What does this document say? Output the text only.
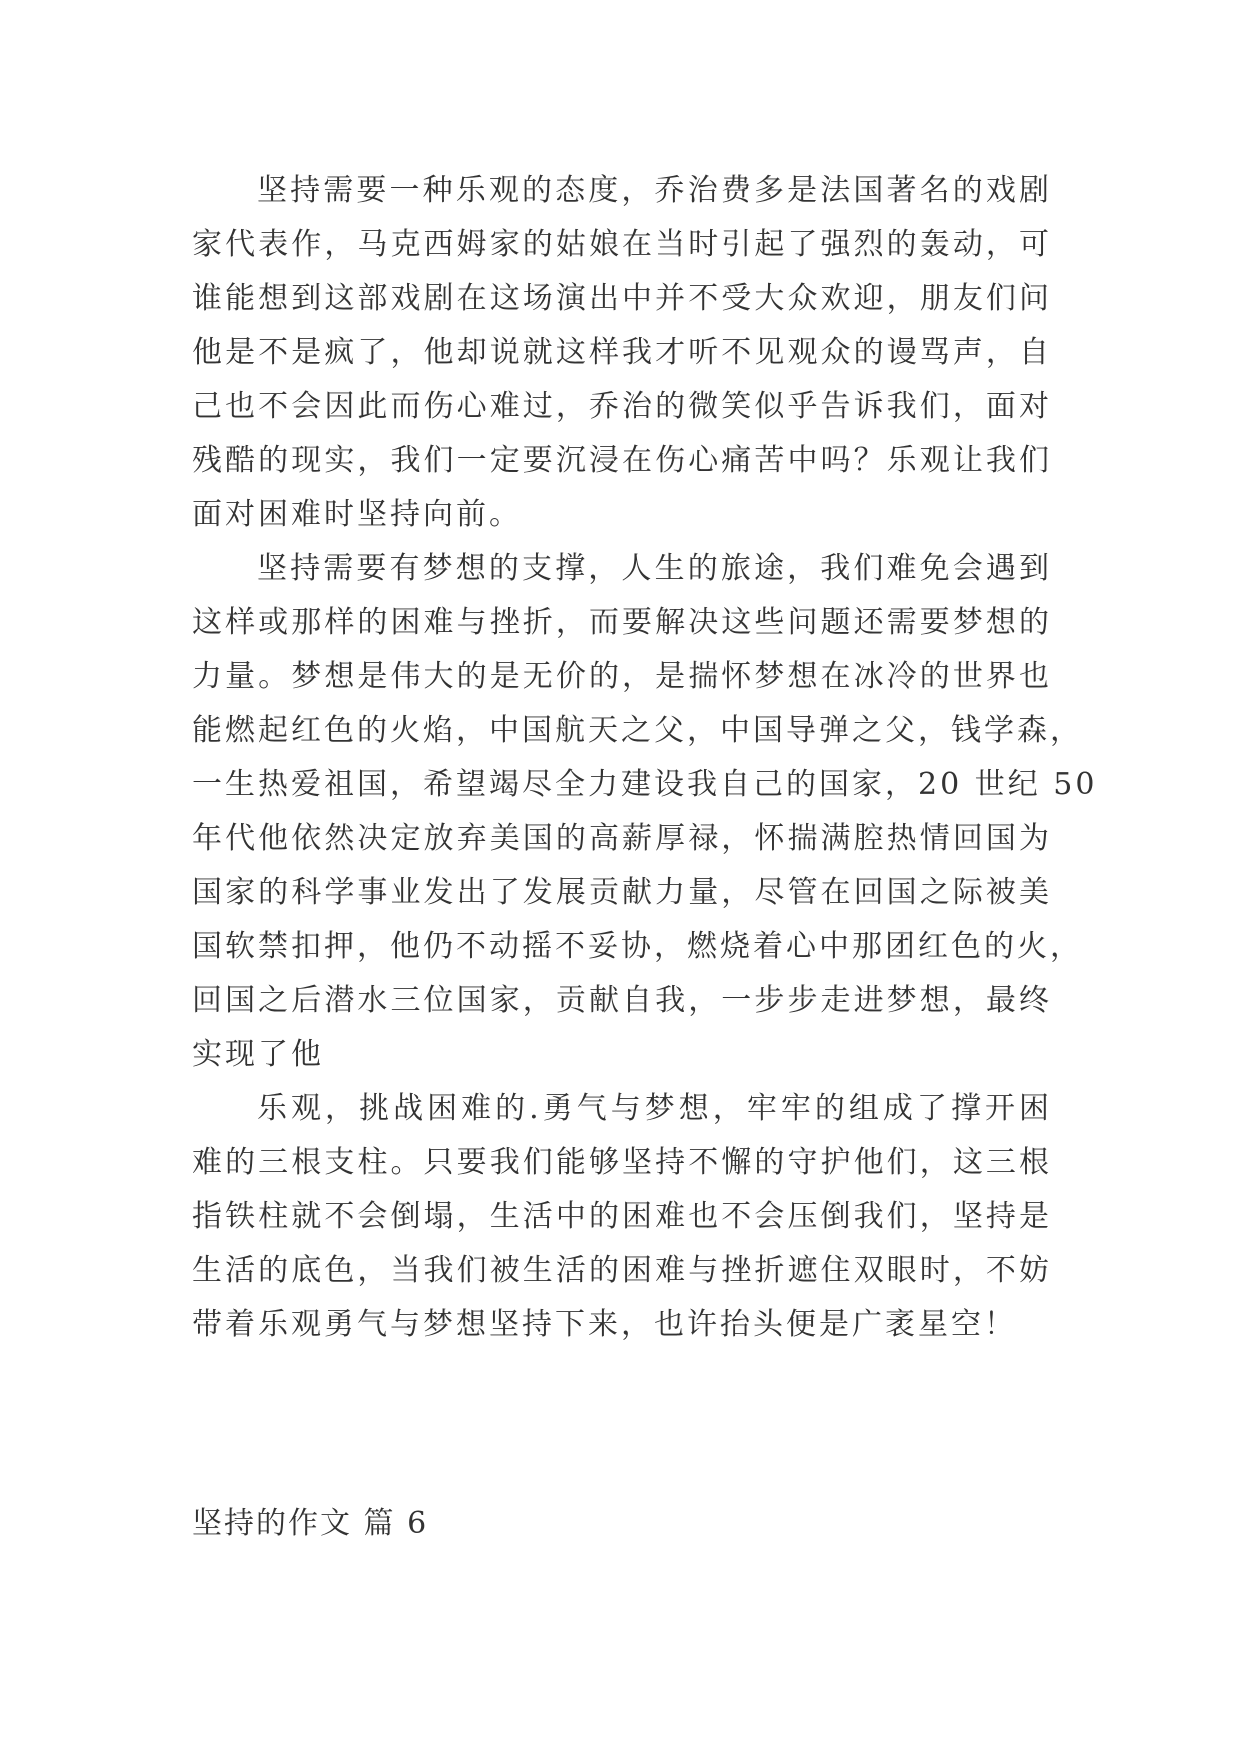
坚持需要一种乐观的态度，乔治费多是法国著名的戏剧
家代表作，马克西姆家的姑娘在当时引起了强烈的轰动，可
谁能想到这部戏剧在这场演出中并不受大众欢迎，朋友们问
他是不是疯了，他却说就这样我才听不见观众的谩骂声，自
己也不会因此而伤心难过，乔治的微笑似乎告诉我们，面对
残酷的现实，我们一定要沉浸在伤心痛苦中吗？乐观让我们
面对困难时坚持向前。

坚持需要有梦想的支撑，人生的旅途，我们难免会遇到
这样或那样的困难与挫折，而要解决这些问题还需要梦想的
力量。梦想是伟大的是无价的，是揣怀梦想在冰冷的世界也
能燃起红色的火焰，中国航天之父，中国导弹之父，钱学森，
一生热爱祖国，希望竭尽全力建设我自己的国家，20 世纪 50
年代他依然决定放弃美国的高薪厚禄，怀揣满腔热情回国为
国家的科学事业发出了发展贡献力量，尽管在回国之际被美
国软禁扣押，他仍不动摇不妥协，燃烧着心中那团红色的火，
回国之后潜水三位国家，贡献自我，一步步走进梦想，最终
实现了他

乐观，挑战困难的.勇气与梦想，牢牢的组成了撑开困
难的三根支柱。只要我们能够坚持不懈的守护他们，这三根
指铁柱就不会倒塌，生活中的困难也不会压倒我们，坚持是
生活的底色，当我们被生活的困难与挫折遮住双眼时，不妨
带着乐观勇气与梦想坚持下来，也许抬头便是广袤星空！

坚持的作文 篇 6
